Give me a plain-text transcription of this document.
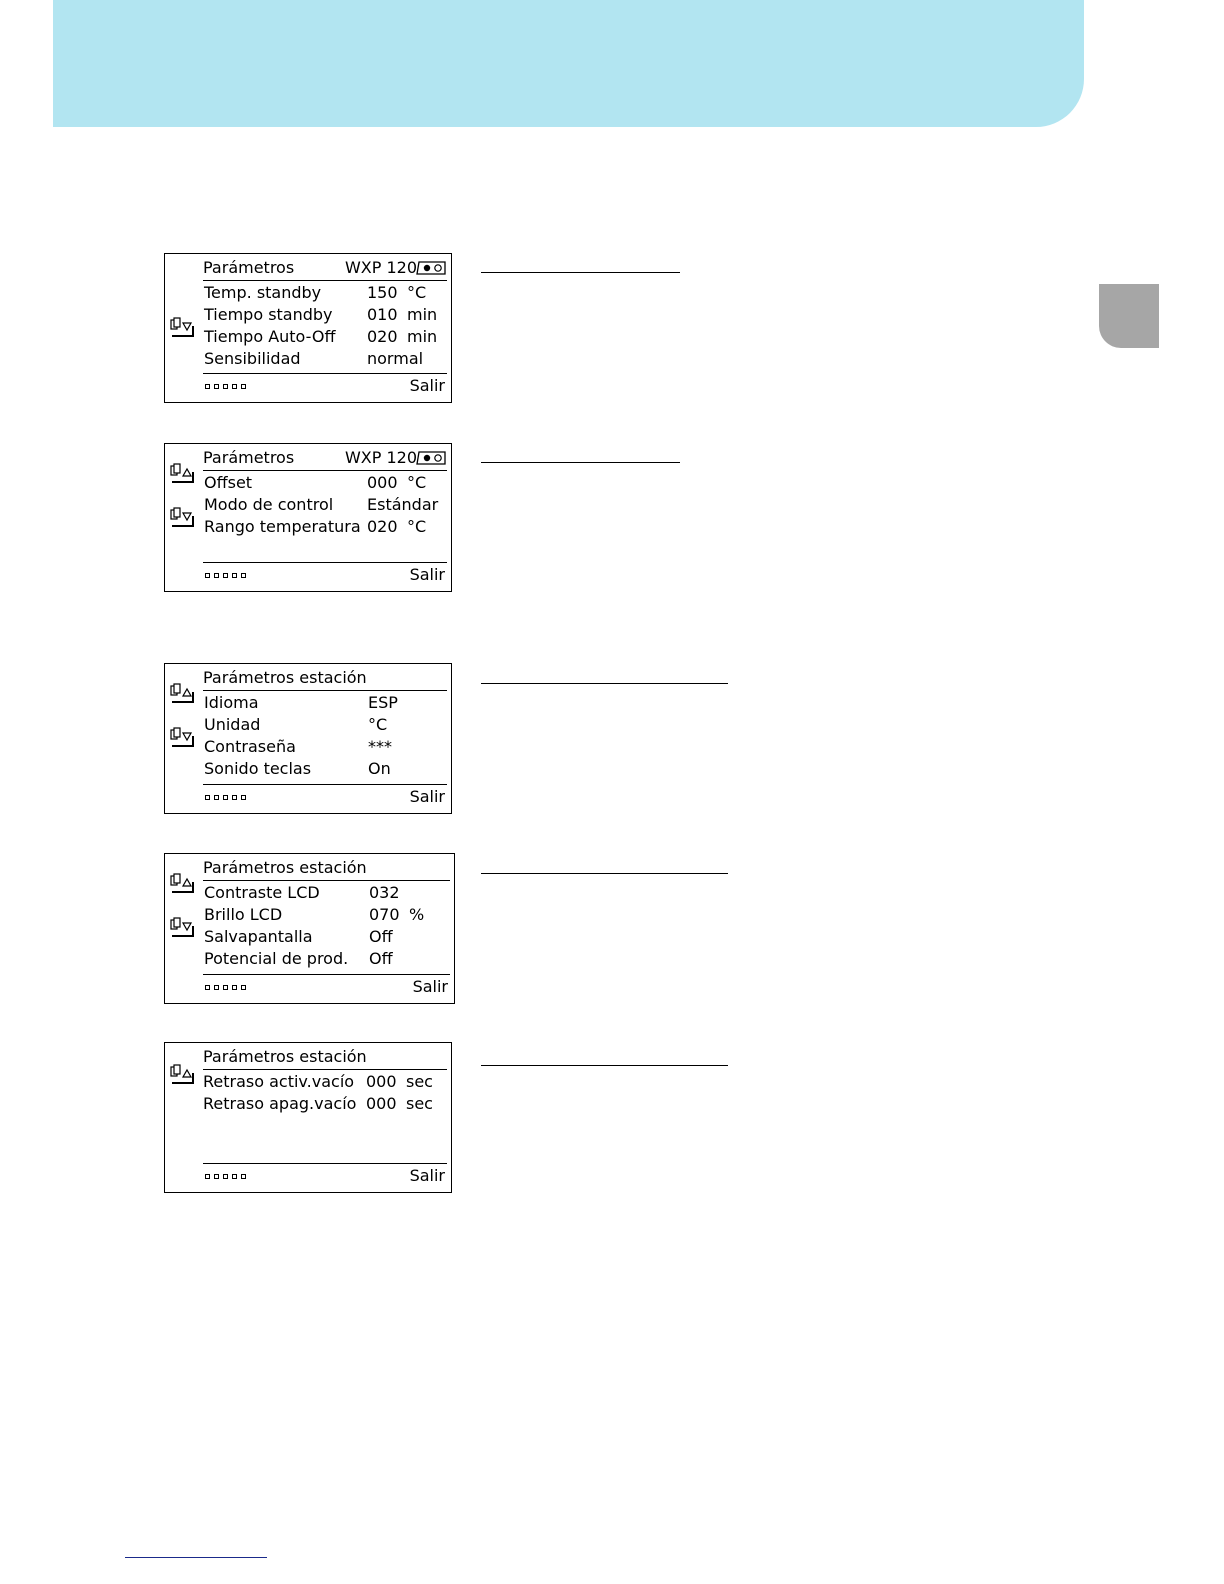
Parámetros	WXP 120
Temp. standby	150 °C
Tiempo standby 010 min
Tiempo Auto-Off 020 min
Sensibilidad	normal
Salir
Parámetros	WXP 120
Offset	000 °C
Modo de control Estándar
Rango temperatura 020 °C
Salir
Parámetros estación
Idioma	ESP
Unidad	°C
Contraseña	***
Sonido teclas	On
Salir
Parámetros estación
Contraste LCD	032
Brillo LCD	070 %
Salvapantalla	Off
Potencial de prod. Off
Salir
Parámetros estación
Retraso activ.vacío 000 sec
Retraso apag.vacío 000 sec
Salir
